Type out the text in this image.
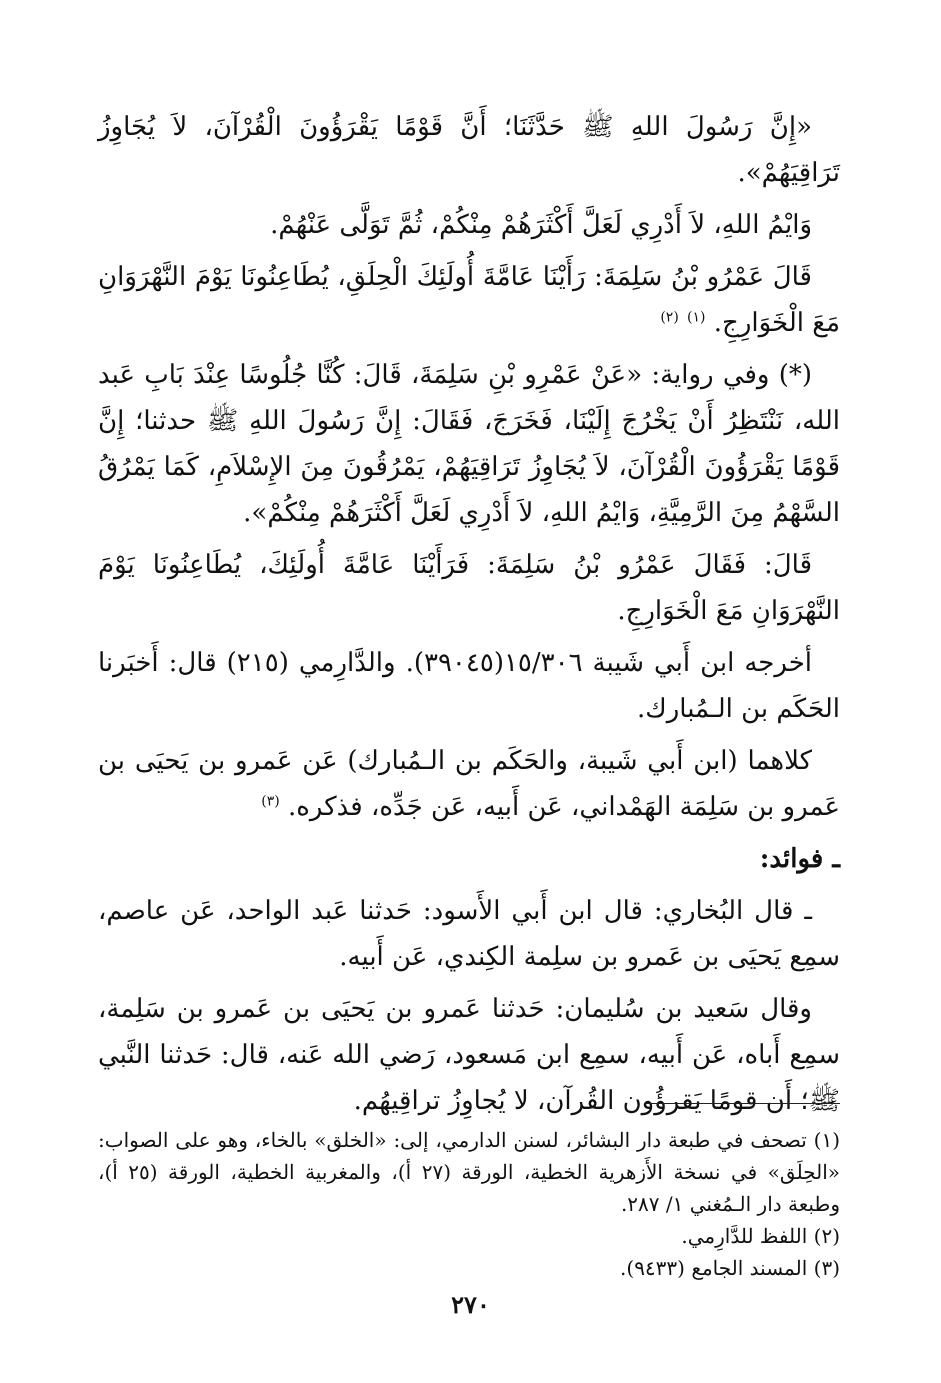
«إِنَّ رَسُولَ اللهِ ﷺ حَدَّثَنَا؛ أَنَّ قَوْمًا يَقْرَؤُونَ الْقُرْآنَ، لاَ يُجَاوِزُ تَرَاقِيَهُمْ».

وَايْمُ اللهِ، لاَ أَدْرِي لَعَلَّ أَكْثَرَهُمْ مِنْكُمْ، ثُمَّ تَوَلَّى عَنْهُمْ.

قَالَ عَمْرُو بْنُ سَلِمَةَ: رَأَيْنَا عَامَّةَ أُولَئِكَ الْحِلَقِ، يُطَاعِنُونَا يَوْمَ النَّهْرَوَانِ مَعَ الْخَوَارِجِ. $^{(١)}$ $^{(٢)}$

(*) وفي رواية: «عَنْ عَمْرِو بْنِ سَلِمَةَ، قَالَ: كُنَّا جُلُوسًا عِنْدَ بَابِ عَبد الله، نَنْتَظِرُ أَنْ يَخْرُجَ إِلَيْنَا، فَخَرَجَ، فَقَالَ: إِنَّ رَسُولَ اللهِ ﷺ حدثنا؛ إِنَّ قَوْمًا يَقْرَؤُونَ الْقُرْآنَ، لاَ يُجَاوِزُ تَرَاقِيَهُمْ، يَمْرُقُونَ مِنَ الإِسْلاَمِ، كَمَا يَمْرُقُ السَّهْمُ مِنَ الرَّمِيَّةِ، وَايْمُ اللهِ، لاَ أَدْرِي لَعَلَّ أَكْثَرَهُمْ مِنْكُمْ».

قَالَ: فَقَالَ عَمْرُو بْنُ سَلِمَةَ: فَرَأَيْنَا عَامَّةَ أُولَئِكَ، يُطَاعِنُونَا يَوْمَ النَّهْرَوَانِ مَعَ الْخَوَارِجِ.

أخرجه ابن أَبي شَيبة ١٥/٣٠٦(٣٩٠٤٥). والدَّارِمي (٢١٥) قال: أَخبَرنا الحَكَم بن الـمُبارك.

كلاهما (ابن أَبي شَيبة، والحَكَم بن الـمُبارك) عَن عَمرو بن يَحيَى بن عَمرو بن سَلِمَة الهَمْداني، عَن أَبيه، عَن جَدِّه، فذكره. $^{(٣)}$

ـ فوائد:

ـ قال البُخاري: قال ابن أَبي الأَسود: حَدثنا عَبد الواحد، عَن عاصم، سمِع يَحيَى بن عَمرو بن سلِمة الكِندي، عَن أَبيه.

وقال سَعيد بن سُليمان: حَدثنا عَمرو بن يَحيَى بن عَمرو بن سَلِمة، سمِع أَباه، عَن أَبيه، سمِع ابن مَسعود، رَضي الله عَنه، قال: حَدثنا النَّبي ﷺ؛ أَن قومًا يَقرؤُون القُرآن، لا يُجاوِزُ تراقِيهُم.

(١) تصحف في طبعة دار البشائر، لسنن الدارمي، إلى: «الخلق» بالخاء، وهو على الصواب: «الحِلَق» في نسخة الأَزهرية الخطية، الورقة (٢٧ أ)، والمغربية الخطية، الورقة (٢٥ أ)، وطبعة دار الـمُغني ١/ ٢٨٧.

(٢) اللفظ للدَّارِمي.

(٣) المسند الجامع (٩٤٣٣).

٢٧٠
